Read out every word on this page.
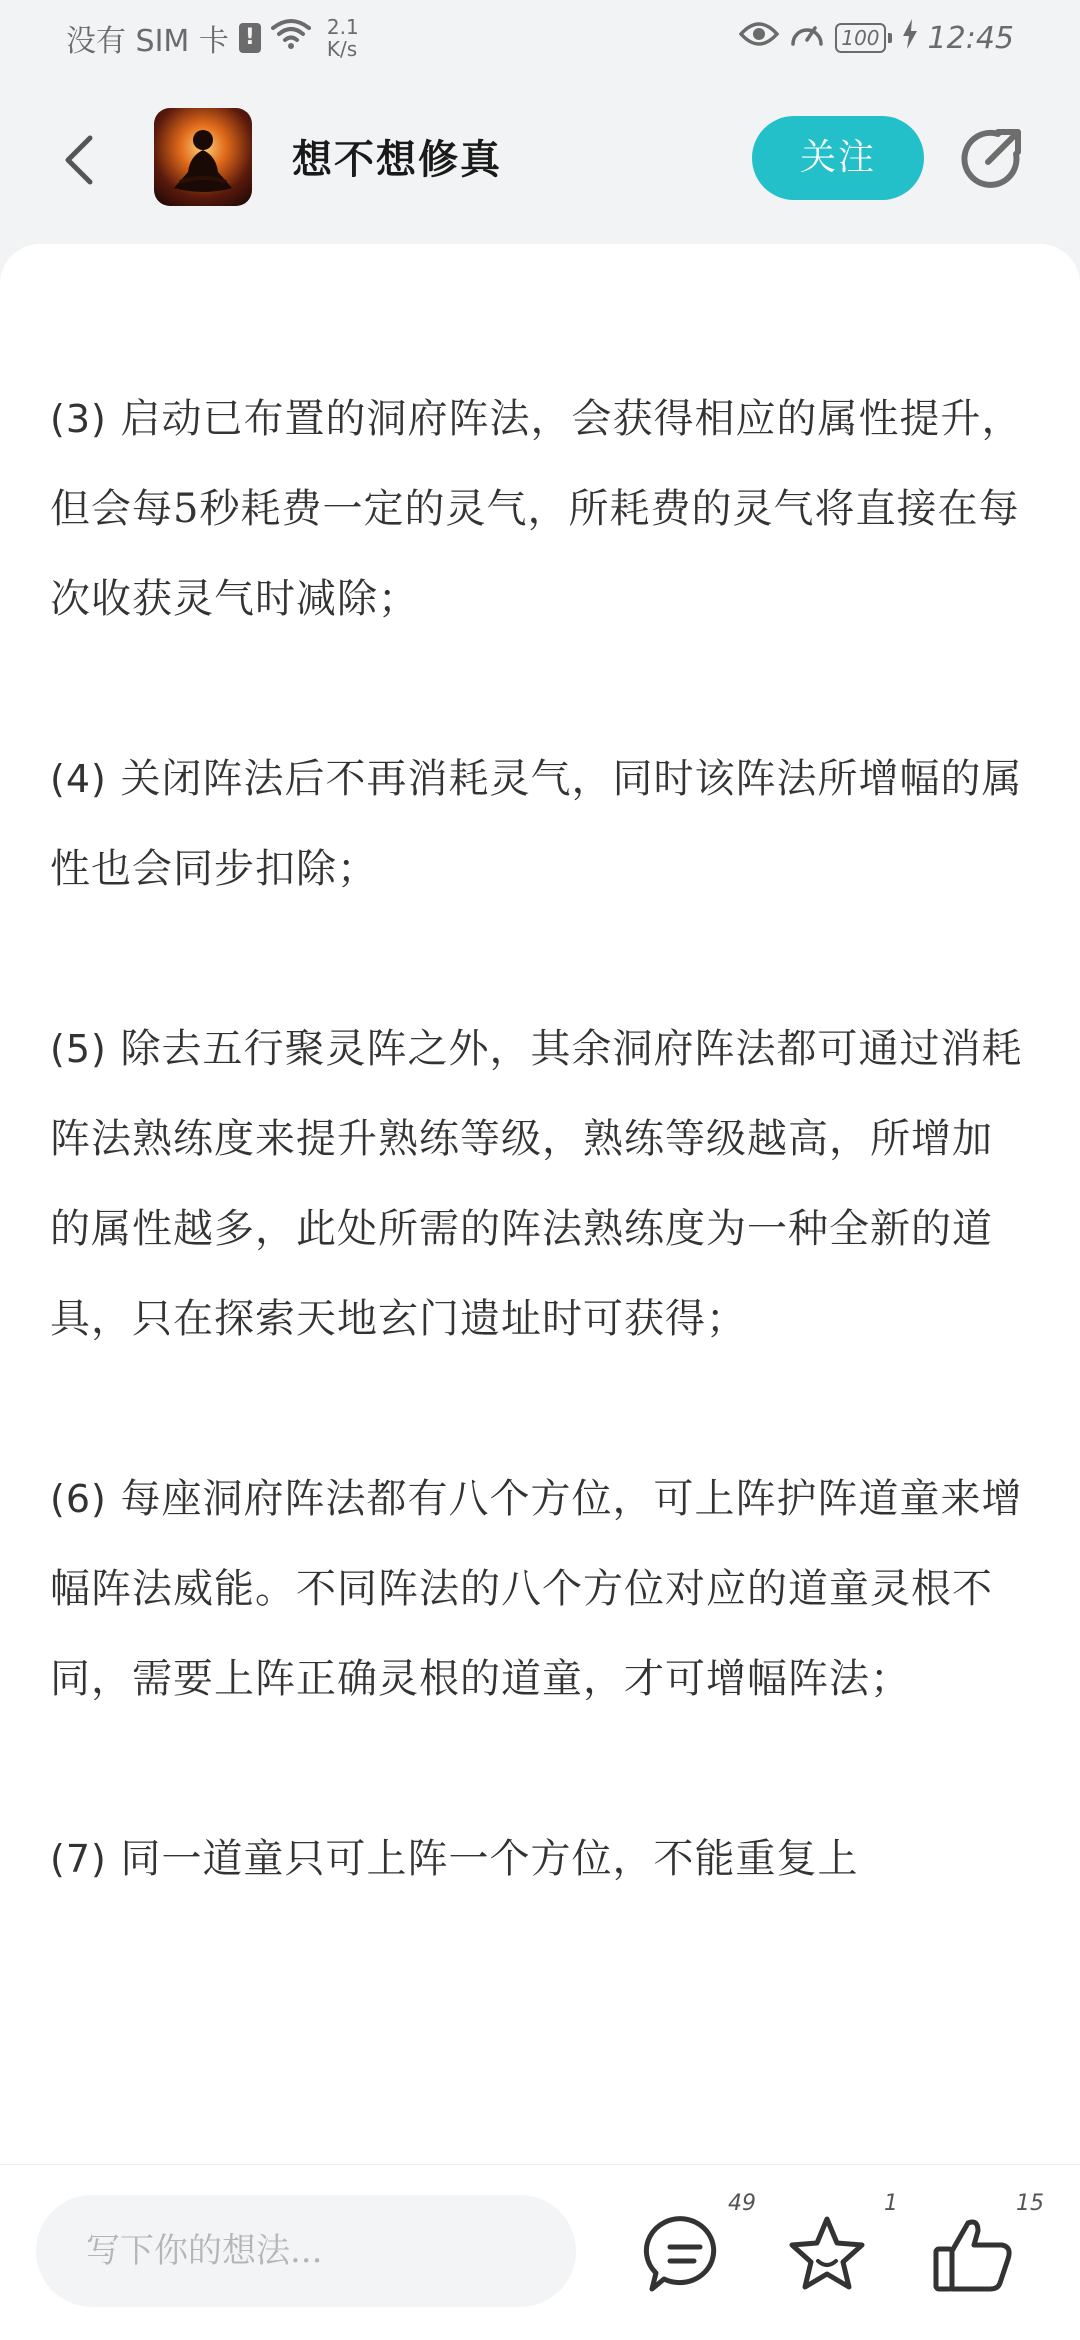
没有 SIM 卡 !	2.1
K/s	100 12:45
想不想修真	关注

(3) 启动已布置的洞府阵法，会获得相应的属性提升，但会每5秒耗费一定的灵气，所耗费的灵气将直接在每次收获灵气时减除；

(4) 关闭阵法后不再消耗灵气，同时该阵法所增幅的属性也会同步扣除；

(5) 除去五行聚灵阵之外，其余洞府阵法都可通过消耗阵法熟练度来提升熟练等级，熟练等级越高，所增加的属性越多，此处所需的阵法熟练度为一种全新的道具，只在探索天地玄门遗址时可获得；

(6) 每座洞府阵法都有八个方位，可上阵护阵道童来增幅阵法威能。不同阵法的八个方位对应的道童灵根不同，需要上阵正确灵根的道童，才可增幅阵法；

(7) 同一道童只可上阵一个方位，不能重复上

写下你的想法...
49	1	15
